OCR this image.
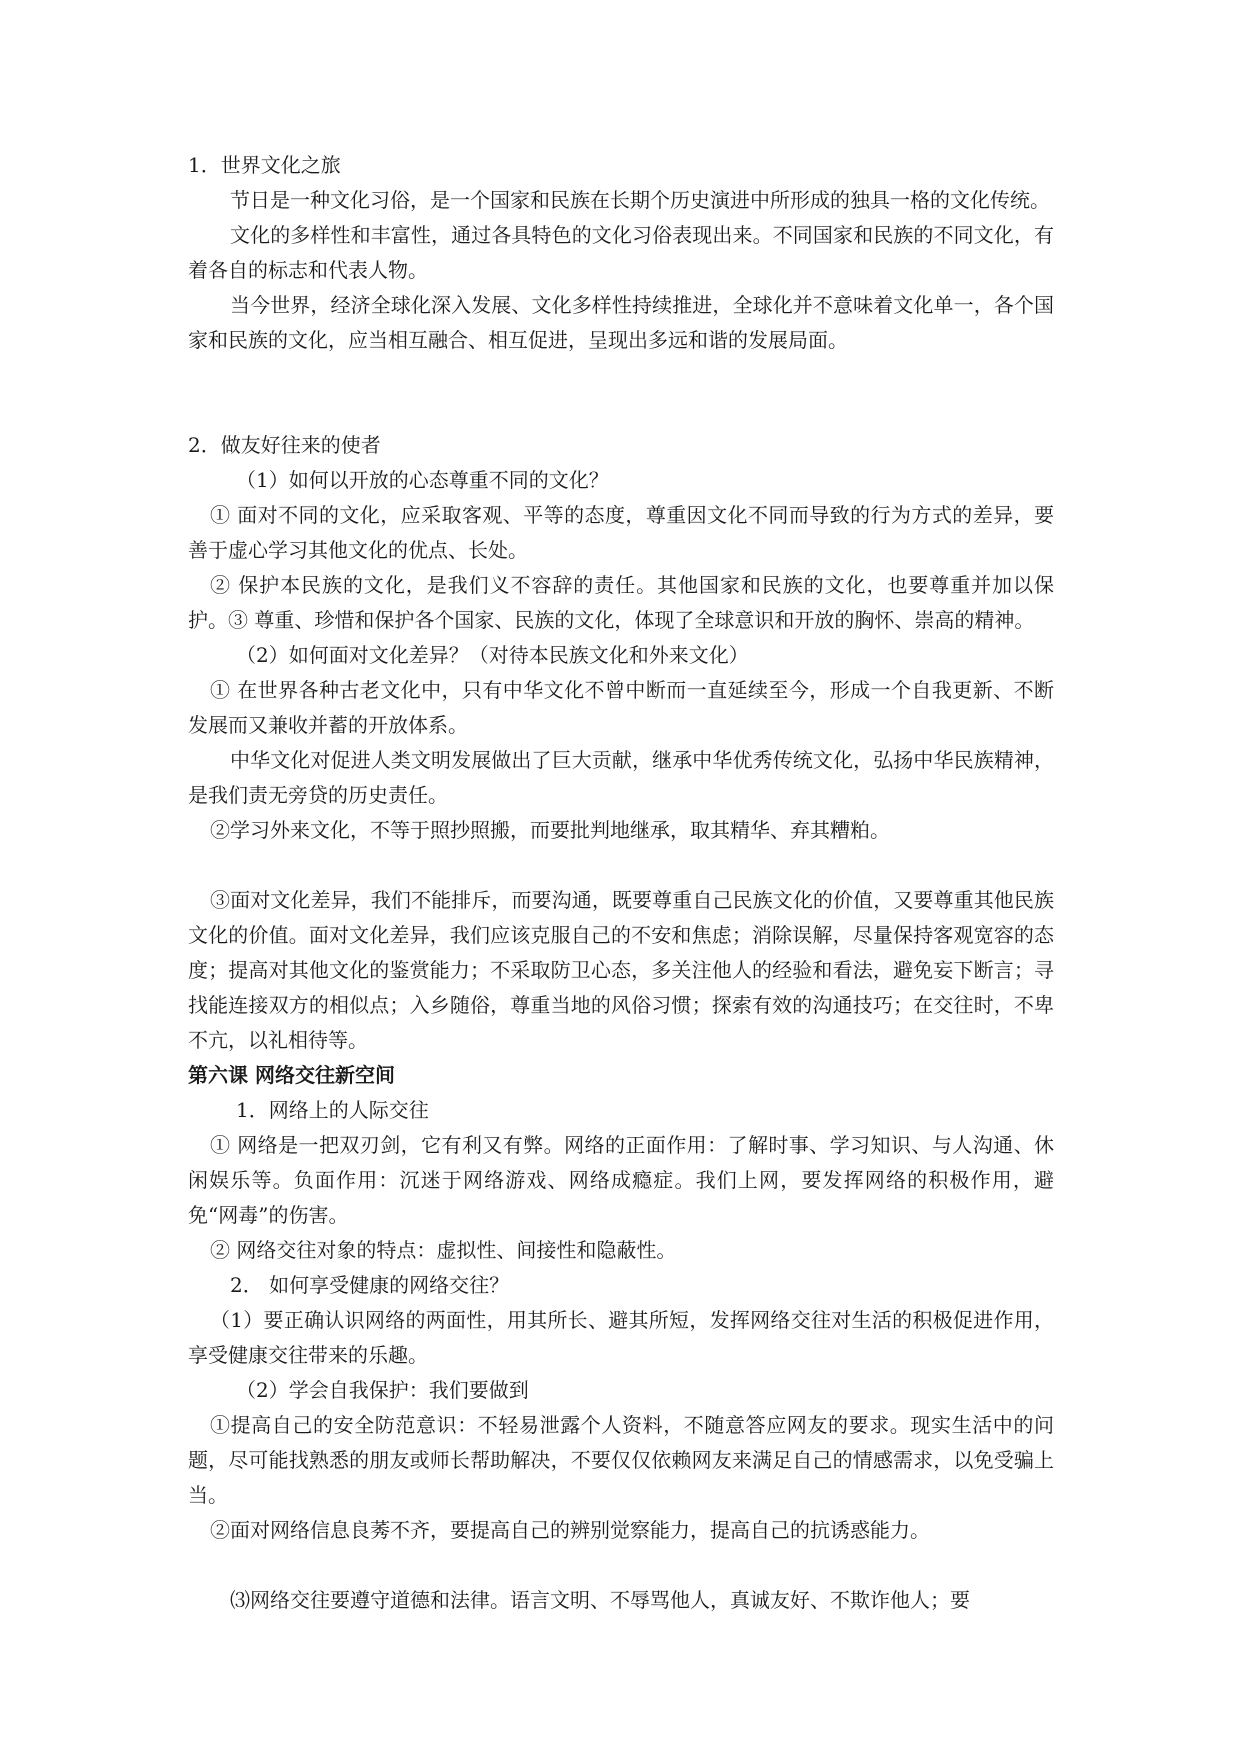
1．世界文化之旅

节日是一种文化习俗，是一个国家和民族在长期个历史演进中所形成的独具一格的文化传统。

文化的多样性和丰富性，通过各具特色的文化习俗表现出来。不同国家和民族的不同文化，有着各自的标志和代表人物。

当今世界，经济全球化深入发展、文化多样性持续推进，全球化并不意味着文化单一，各个国家和民族的文化，应当相互融合、相互促进，呈现出多远和谐的发展局面。

2．做友好往来的使者

（1）如何以开放的心态尊重不同的文化？

① 面对不同的文化，应采取客观、平等的态度，尊重因文化不同而导致的行为方式的差异，要善于虚心学习其他文化的优点、长处。

② 保护本民族的文化，是我们义不容辞的责任。其他国家和民族的文化，也要尊重并加以保护。③ 尊重、珍惜和保护各个国家、民族的文化，体现了全球意识和开放的胸怀、崇高的精神。

（2）如何面对文化差异？（对待本民族文化和外来文化）

① 在世界各种古老文化中，只有中华文化不曾中断而一直延续至今，形成一个自我更新、不断发展而又兼收并蓄的开放体系。

中华文化对促进人类文明发展做出了巨大贡献，继承中华优秀传统文化，弘扬中华民族精神，是我们责无旁贷的历史责任。

②学习外来文化，不等于照抄照搬，而要批判地继承，取其精华、弃其糟粕。

③面对文化差异，我们不能排斥，而要沟通，既要尊重自己民族文化的价值，又要尊重其他民族文化的价值。面对文化差异，我们应该克服自己的不安和焦虑；消除误解，尽量保持客观宽容的态度；提高对其他文化的鉴赏能力；不采取防卫心态，多关注他人的经验和看法，避免妄下断言；寻找能连接双方的相似点；入乡随俗，尊重当地的风俗习惯；探索有效的沟通技巧；在交往时，不卑不亢，以礼相待等。

第六课 网络交往新空间

1．网络上的人际交往

① 网络是一把双刃剑，它有利又有弊。网络的正面作用：了解时事、学习知识、与人沟通、休闲娱乐等。负面作用：沉迷于网络游戏、网络成瘾症。我们上网，要发挥网络的积极作用，避免“网毒”的伤害。

② 网络交往对象的特点：虚拟性、间接性和隐蔽性。

2． 如何享受健康的网络交往？

（1）要正确认识网络的两面性，用其所长、避其所短，发挥网络交往对生活的积极促进作用，享受健康交往带来的乐趣。

（2）学会自我保护：我们要做到

①提高自己的安全防范意识：不轻易泄露个人资料，不随意答应网友的要求。现实生活中的问题，尽可能找熟悉的朋友或师长帮助解决，不要仅仅依赖网友来满足自己的情感需求，以免受骗上当。

②面对网络信息良莠不齐，要提高自己的辨别觉察能力，提高自己的抗诱惑能力。

⑶网络交往要遵守道德和法律。语言文明、不辱骂他人，真诚友好、不欺诈他人；要
